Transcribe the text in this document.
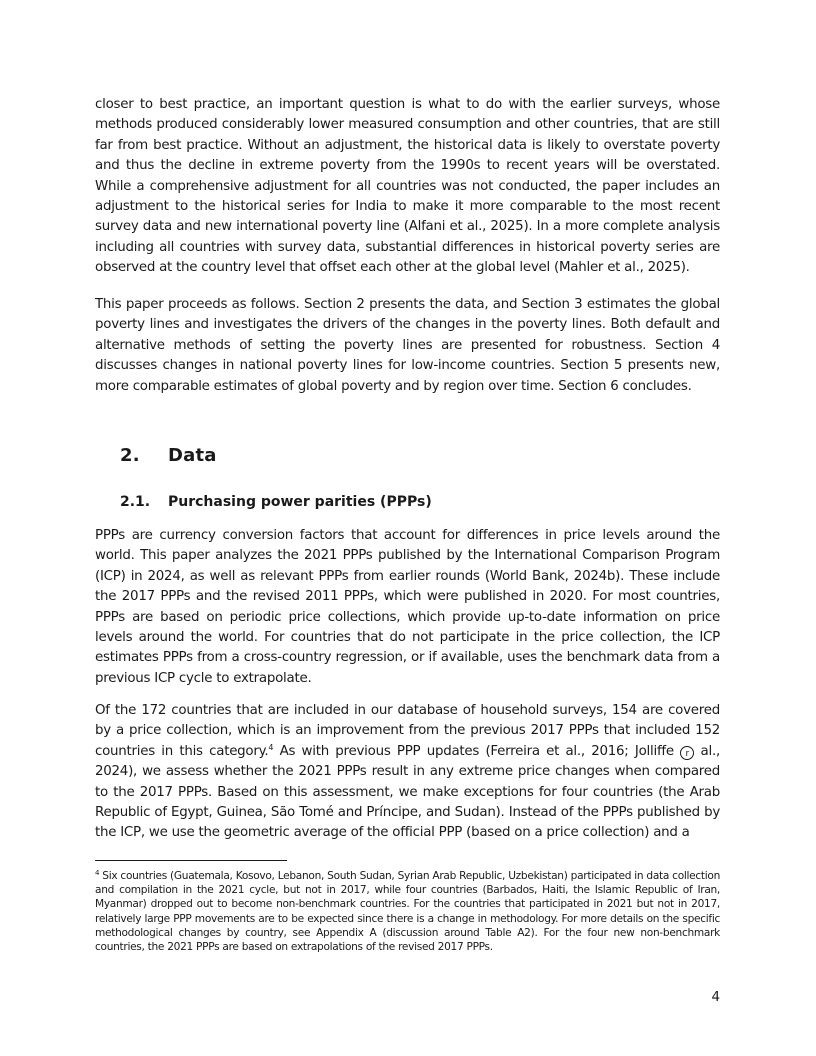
closer to best practice, an important question is what to do with the earlier surveys, whose methods produced considerably lower measured consumption and other countries, that are still far from best practice. Without an adjustment, the historical data is likely to overstate poverty and thus the decline in extreme poverty from the 1990s to recent years will be overstated. While a comprehensive adjustment for all countries was not conducted, the paper includes an adjustment to the historical series for India to make it more comparable to the most recent survey data and new international poverty line (Alfani et al., 2025). In a more complete analysis including all countries with survey data, substantial differences in historical poverty series are observed at the country level that offset each other at the global level (Mahler et al., 2025).

This paper proceeds as follows. Section 2 presents the data, and Section 3 estimates the global poverty lines and investigates the drivers of the changes in the poverty lines. Both default and alternative methods of setting the poverty lines are presented for robustness. Section 4 discusses changes in national poverty lines for low-income countries. Section 5 presents new, more comparable estimates of global poverty and by region over time. Section 6 concludes.

2. Data
2.1. Purchasing power parities (PPPs)

PPPs are currency conversion factors that account for differences in price levels around the world. This paper analyzes the 2021 PPPs published by the International Comparison Program (ICP) in 2024, as well as relevant PPPs from earlier rounds (World Bank, 2024b). These include the 2017 PPPs and the revised 2011 PPPs, which were published in 2020. For most countries, PPPs are based on periodic price collections, which provide up-to-date information on price levels around the world. For countries that do not participate in the price collection, the ICP estimates PPPs from a cross-country regression, or if available, uses the benchmark data from a previous ICP cycle to extrapolate.

Of the 172 countries that are included in our database of household surveys, 154 are covered by a price collection, which is an improvement from the previous 2017 PPPs that included 152 countries in this category.$^4$ As with previous PPP updates (Ferreira et al., 2016; Jolliffe r al., 2024), we assess whether the 2021 PPPs result in any extreme price changes when compared to the 2017 PPPs. Based on this assessment, we make exceptions for four countries (the Arab Republic of Egypt, Guinea, São Tomé and Príncipe, and Sudan). Instead of the PPPs published by the ICP, we use the geometric average of the official PPP (based on a price collection) and a

$^4$ Six countries (Guatemala, Kosovo, Lebanon, South Sudan, Syrian Arab Republic, Uzbekistan) participated in data collection and compilation in the 2021 cycle, but not in 2017, while four countries (Barbados, Haiti, the Islamic Republic of Iran, Myanmar) dropped out to become non-benchmark countries. For the countries that participated in 2021 but not in 2017, relatively large PPP movements are to be expected since there is a change in methodology. For more details on the specific methodological changes by country, see Appendix A (discussion around Table A2). For the four new non-benchmark countries, the 2021 PPPs are based on extrapolations of the revised 2017 PPPs.

4
